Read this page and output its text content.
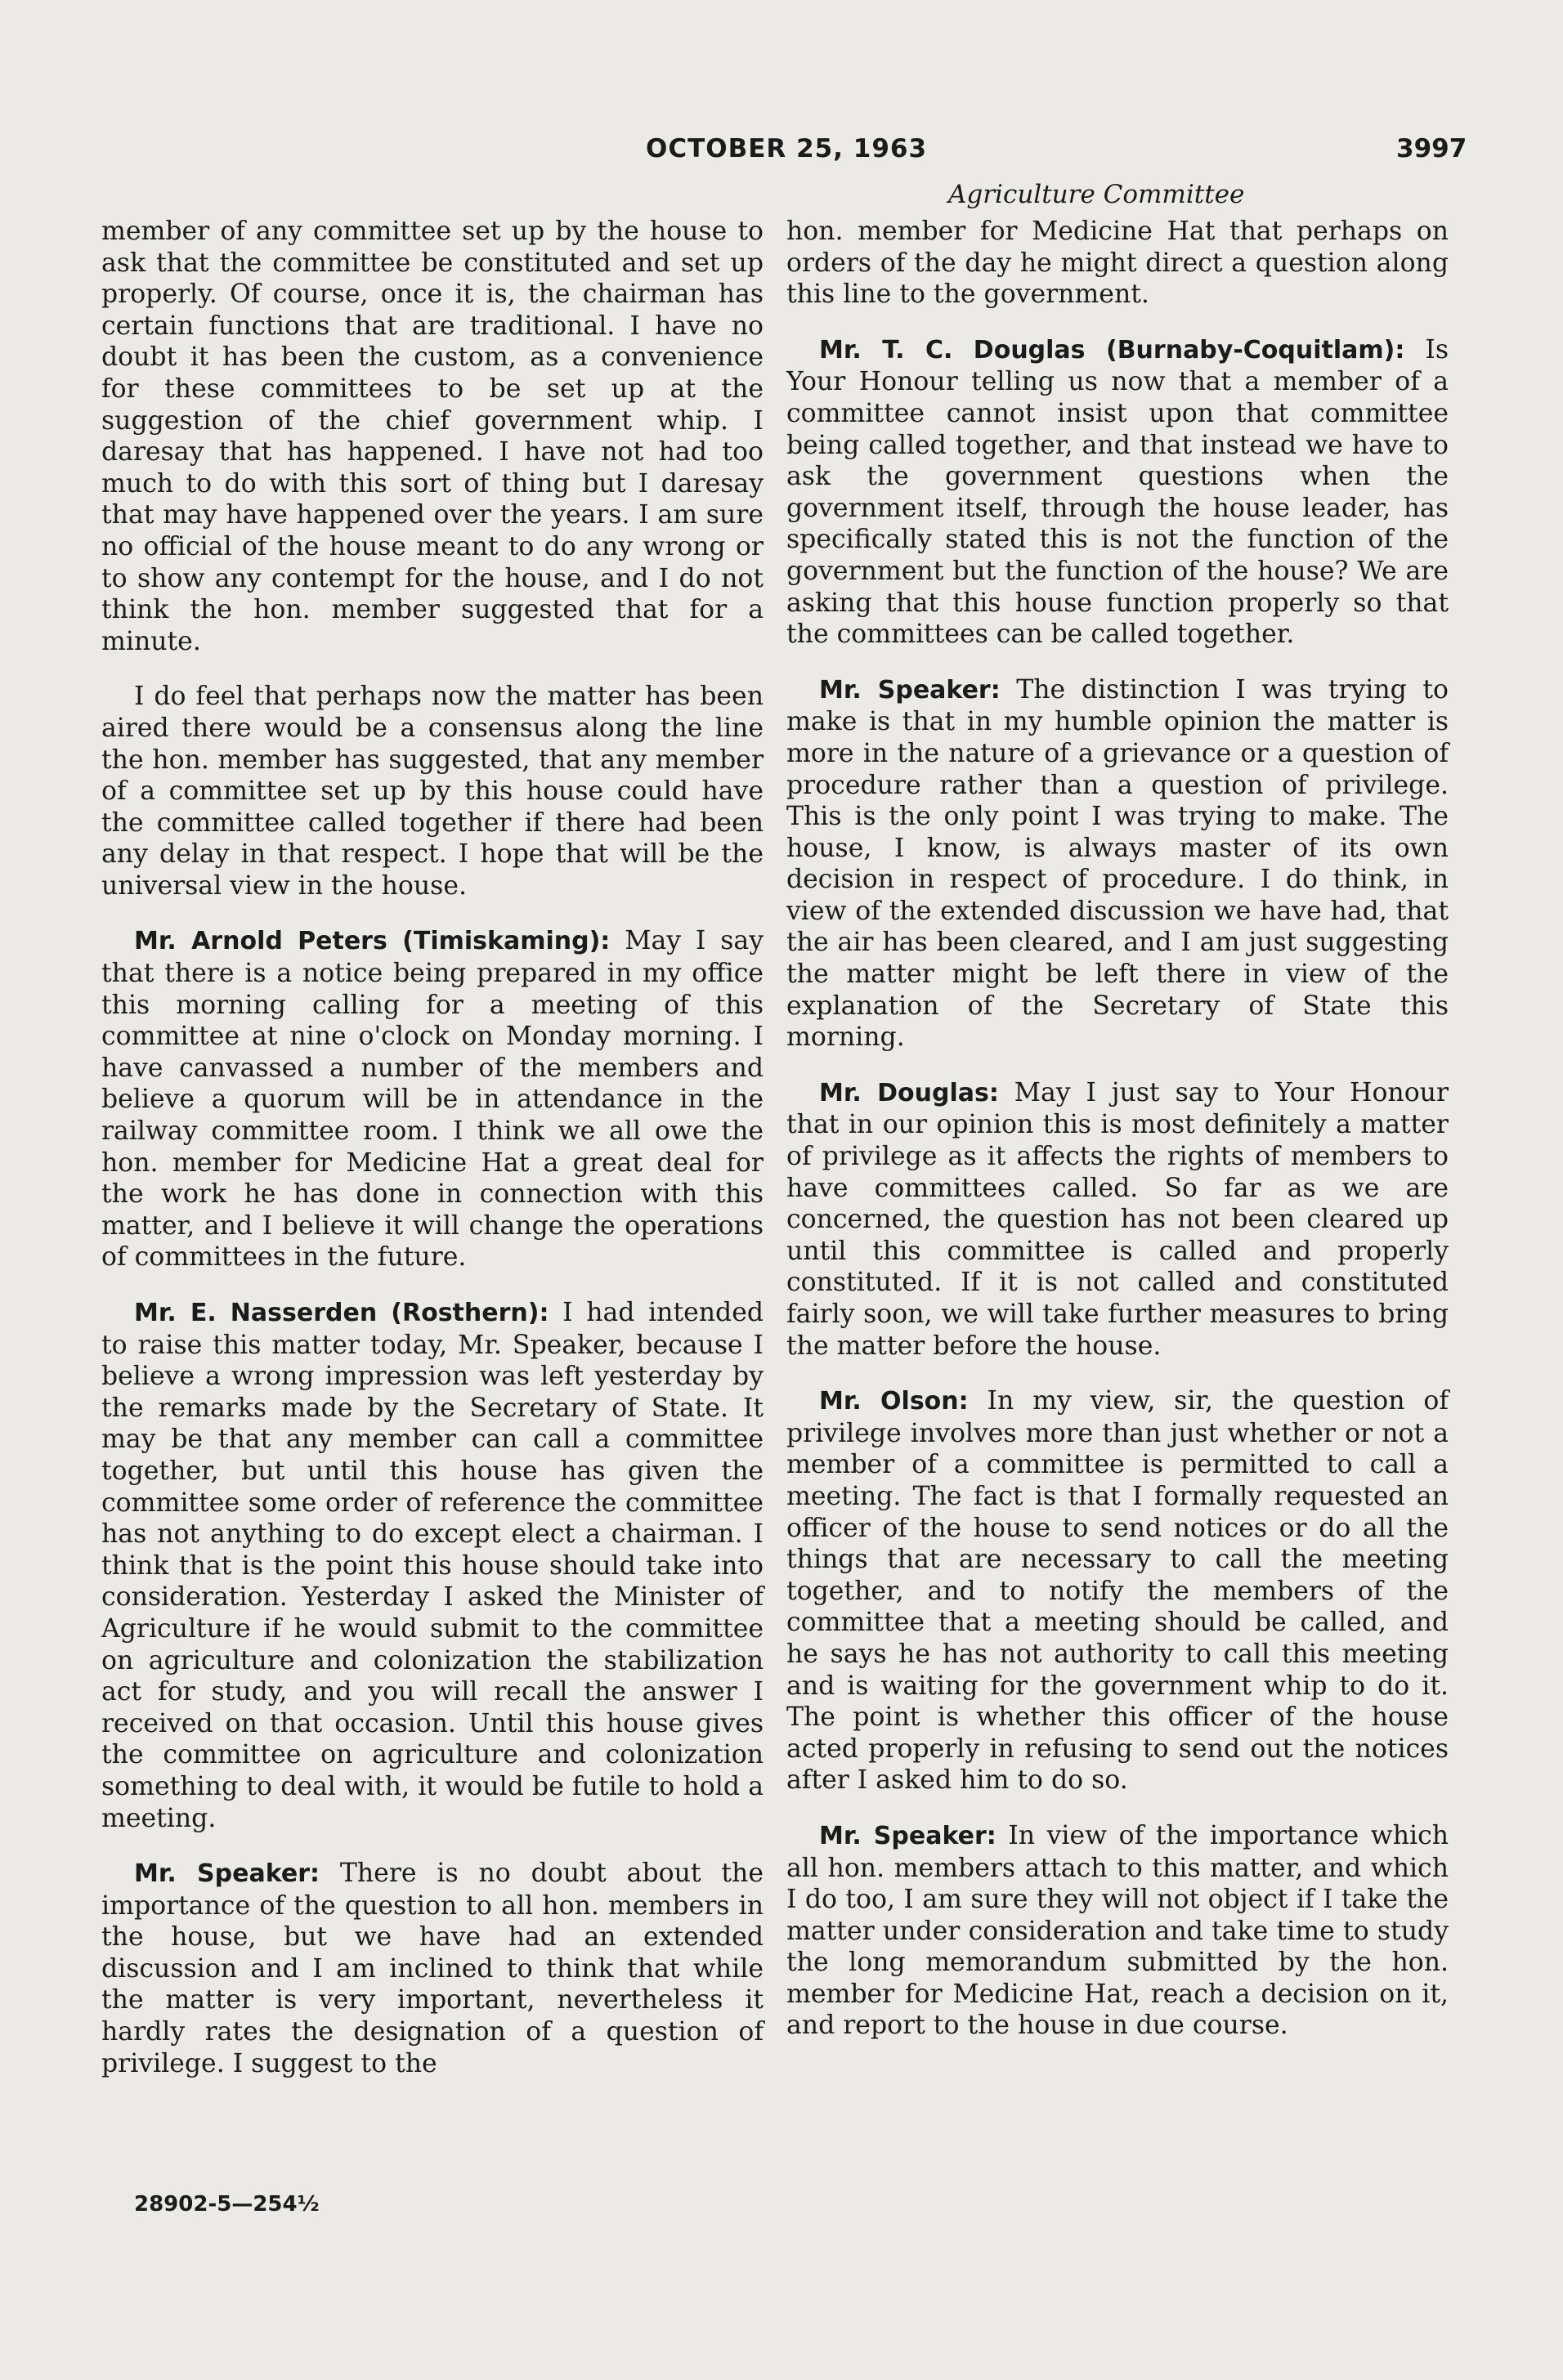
OCTOBER 25, 1963	3997
Agriculture Committee

member of any committee set up by the house to ask that the committee be constituted and set up properly. Of course, once it is, the chairman has certain functions that are traditional. I have no doubt it has been the custom, as a convenience for these committees to be set up at the suggestion of the chief government whip. I daresay that has happened. I have not had too much to do with this sort of thing but I daresay that may have happened over the years. I am sure no official of the house meant to do any wrong or to show any contempt for the house, and I do not think the hon. member suggested that for a minute.

I do feel that perhaps now the matter has been aired there would be a consensus along the line the hon. member has suggested, that any member of a committee set up by this house could have the committee called together if there had been any delay in that respect. I hope that will be the universal view in the house.

Mr. Arnold Peters (Timiskaming): May I say that there is a notice being prepared in my office this morning calling for a meeting of this committee at nine o'clock on Monday morning. I have canvassed a number of the members and believe a quorum will be in attendance in the railway committee room. I think we all owe the hon. member for Medicine Hat a great deal for the work he has done in connection with this matter, and I believe it will change the operations of committees in the future.

Mr. E. Nasserden (Rosthern): I had intended to raise this matter today, Mr. Speaker, because I believe a wrong impression was left yesterday by the remarks made by the Secretary of State. It may be that any member can call a committee together, but until this house has given the committee some order of reference the committee has not anything to do except elect a chairman. I think that is the point this house should take into consideration. Yesterday I asked the Minister of Agriculture if he would submit to the committee on agriculture and colonization the stabilization act for study, and you will recall the answer I received on that occasion. Until this house gives the committee on agriculture and colonization something to deal with, it would be futile to hold a meeting.

Mr. Speaker: There is no doubt about the importance of the question to all hon. members in the house, but we have had an extended discussion and I am inclined to think that while the matter is very important, nevertheless it hardly rates the designation of a question of privilege. I suggest to the

hon. member for Medicine Hat that perhaps on orders of the day he might direct a question along this line to the government.

Mr. T. C. Douglas (Burnaby-Coquitlam): Is Your Honour telling us now that a member of a committee cannot insist upon that committee being called together, and that instead we have to ask the government questions when the government itself, through the house leader, has specifically stated this is not the function of the government but the function of the house? We are asking that this house function properly so that the committees can be called together.

Mr. Speaker: The distinction I was trying to make is that in my humble opinion the matter is more in the nature of a grievance or a question of procedure rather than a question of privilege. This is the only point I was trying to make. The house, I know, is always master of its own decision in respect of procedure. I do think, in view of the extended discussion we have had, that the air has been cleared, and I am just suggesting the matter might be left there in view of the explanation of the Secretary of State this morning.

Mr. Douglas: May I just say to Your Honour that in our opinion this is most definitely a matter of privilege as it affects the rights of members to have committees called. So far as we are concerned, the question has not been cleared up until this committee is called and properly constituted. If it is not called and constituted fairly soon, we will take further measures to bring the matter before the house.

Mr. Olson: In my view, sir, the question of privilege involves more than just whether or not a member of a committee is permitted to call a meeting. The fact is that I formally requested an officer of the house to send notices or do all the things that are necessary to call the meeting together, and to notify the members of the committee that a meeting should be called, and he says he has not authority to call this meeting and is waiting for the government whip to do it. The point is whether this officer of the house acted properly in refusing to send out the notices after I asked him to do so.

Mr. Speaker: In view of the importance which all hon. members attach to this matter, and which I do too, I am sure they will not object if I take the matter under consideration and take time to study the long memorandum submitted by the hon. member for Medicine Hat, reach a decision on it, and report to the house in due course.

28902-5—254½
